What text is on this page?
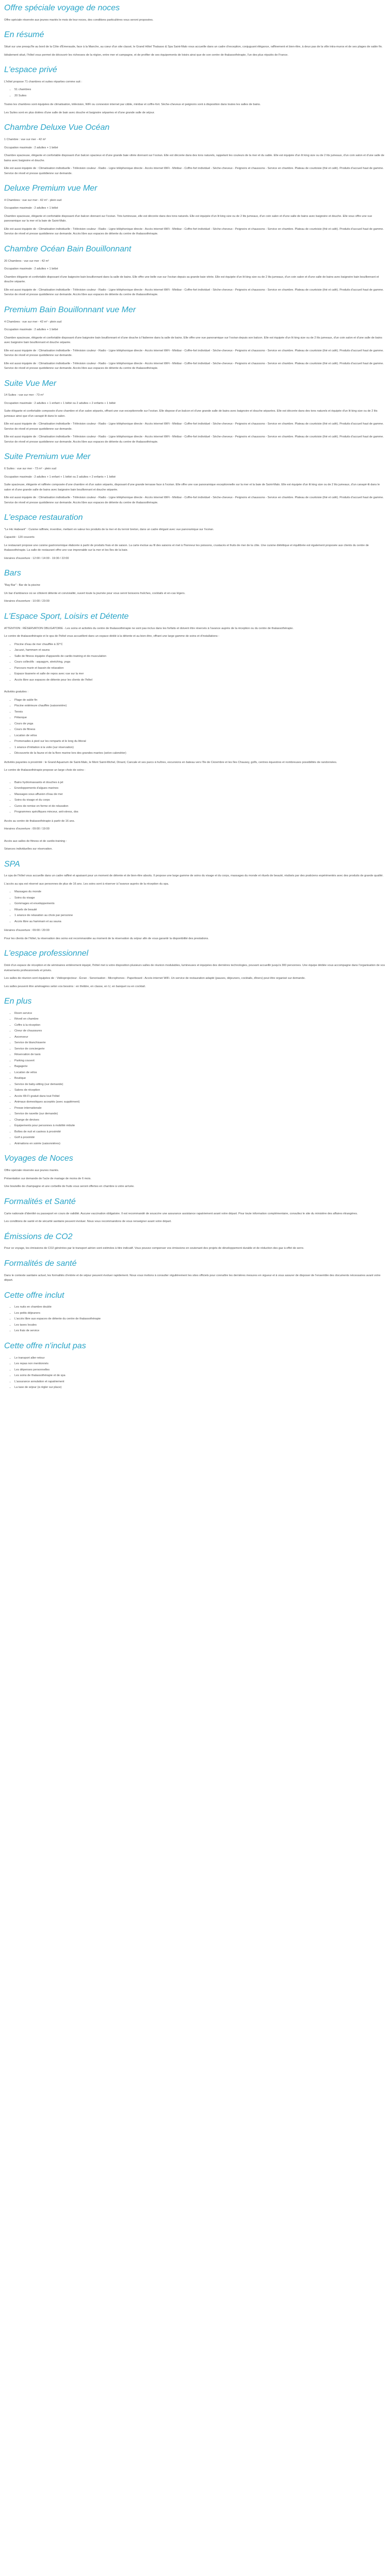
Offre spéciale voyage de noces

Offre spéciale réservée aux jeunes mariés le mois de leur noces, des conditions particulières vous seront proposées.

En résumé

Situé sur une presqu'île au bord de la Côte d'Émeraude, face à la Manche, au cœur d'un site classé, le Grand Hôtel Thalasso & Spa Saint-Malo vous accueille dans un cadre d'exception, conjuguant élégance, raffinement et bien-être, à deux pas de la ville intra-muros et de ses plages de sable fin.

Idéalement situé, l'hôtel vous permet de découvrir les richesses de la région, entre mer et campagne, et de profiter de ses équipements de loisirs ainsi que de son centre de thalassothérapie, l'un des plus réputés de France.

L'espace privé

L'hôtel propose 71 chambres et suites réparties comme suit :

• 51 chambres
• 20 Suites

Toutes les chambres sont équipées de climatisation, télévision, WiFi ou connexion internet par câble, minibar et coffre-fort. Sèche-cheveux et peignoirs sont à disposition dans toutes les salles de bains.

Les Suites sont en plus dotées d'une salle de bain avec douche et baignoire séparées et d'une grande salle de séjour.

Chambre Deluxe Vue Océan

1 Chambre : vue sur mer - 42 m²

Occupation maximale : 2 adultes + 1 bébé

Chambre spacieuse, élégante et confortable disposant d'un balcon spacieux et d'une grande baie vitrée donnant sur l'océan. Elle est décorée dans des tons naturels, rappelant les couleurs de la mer et du sable. Elle est équipée d'un lit king size ou de 2 lits jumeaux, d'un coin salon et d'une salle de bains avec baignoire et douche.

Elle est aussi équipée de : Climatisation individuelle - Télévision couleur - Radio - Ligne téléphonique directe - Accès internet WiFi - Minibar - Coffre-fort individuel - Sèche-cheveux - Peignoirs et chaussons - Service en chambre. Plateau de courtoisie (thé et café). Produits d'accueil haut de gamme. Service de réveil et presse quotidienne sur demande.

Deluxe Premium vue Mer

4 Chambres : vue sur mer - 42 m² - plein sud

Occupation maximale : 2 adultes + 1 bébé

Chambre spacieuse, élégante et confortable disposant d'un balcon donnant sur l'océan. Très lumineuse, elle est décorée dans des tons naturels. Elle est équipée d'un lit king size ou de 2 lits jumeaux, d'un coin salon et d'une salle de bains avec baignoire et douche. Elle vous offre une vue panoramique sur la mer et la baie de Saint-Malo.

Elle est aussi équipée de : Climatisation individuelle - Télévision couleur - Radio - Ligne téléphonique directe - Accès internet WiFi - Minibar - Coffre-fort individuel - Sèche-cheveux - Peignoirs et chaussons - Service en chambre. Plateau de courtoisie (thé et café). Produits d'accueil haut de gamme. Service de réveil et presse quotidienne sur demande. Accès libre aux espaces de détente du centre de thalassothérapie.

Chambre Océan Bain Bouillonnant

20 Chambres : vue sur mer - 42 m²

Occupation maximale : 2 adultes + 1 bébé

Chambre élégante et confortable disposant d'une baignoire bain bouillonnant dans la salle de bains. Elle offre une belle vue sur l'océan depuis sa grande baie vitrée. Elle est équipée d'un lit king size ou de 2 lits jumeaux, d'un coin salon et d'une salle de bains avec baignoire bain bouillonnant et douche séparée.

Elle est aussi équipée de : Climatisation individuelle - Télévision couleur - Radio - Ligne téléphonique directe - Accès internet WiFi - Minibar - Coffre-fort individuel - Sèche-cheveux - Peignoirs et chaussons - Service en chambre. Plateau de courtoisie (thé et café). Produits d'accueil haut de gamme. Service de réveil et presse quotidienne sur demande. Accès libre aux espaces de détente du centre de thalassothérapie.

Premium Bain Bouillonnant vue Mer

4 Chambres : vue sur mer - 42 m² - plein sud

Occupation maximale : 2 adultes + 1 bébé

Chambre spacieuse, élégante et confortable disposant d'une baignoire bain bouillonnant et d'une douche à l'italienne dans la salle de bains. Elle offre une vue panoramique sur l'océan depuis son balcon. Elle est équipée d'un lit king size ou de 2 lits jumeaux, d'un coin salon et d'une salle de bains avec baignoire bain bouillonnant et douche séparée.

Elle est aussi équipée de : Climatisation individuelle - Télévision couleur - Radio - Ligne téléphonique directe - Accès internet WiFi - Minibar - Coffre-fort individuel - Sèche-cheveux - Peignoirs et chaussons - Service en chambre. Plateau de courtoisie (thé et café). Produits d'accueil haut de gamme. Service de réveil et presse quotidienne sur demande.

Elle est aussi équipée de : Climatisation individuelle - Télévision couleur - Radio - Ligne téléphonique directe - Accès internet WiFi - Minibar - Coffre-fort individuel - Sèche-cheveux - Peignoirs et chaussons - Service en chambre. Plateau de courtoisie (thé et café). Produits d'accueil haut de gamme. Service de réveil et presse quotidienne sur demande. Accès libre aux espaces de détente du centre de thalassothérapie.

Suite Vue Mer

14 Suites : vue sur mer - 73 m²

Occupation maximale : 2 adultes + 1 enfant + 1 bébé ou 2 adultes + 2 enfants + 1 bébé

Suite élégante et confortable composée d'une chambre et d'un salon séparés, offrant une vue exceptionnelle sur l'océan. Elle dispose d'un balcon et d'une grande salle de bains avec baignoire et douche séparées. Elle est décorée dans des tons naturels et équipée d'un lit king size ou de 2 lits jumeaux ainsi que d'un canapé-lit dans le salon.

Elle est aussi équipée de : Climatisation individuelle - Télévision couleur - Radio - Ligne téléphonique directe - Accès internet WiFi - Minibar - Coffre-fort individuel - Sèche-cheveux - Peignoirs et chaussons - Service en chambre. Plateau de courtoisie (thé et café). Produits d'accueil haut de gamme. Service de réveil et presse quotidienne sur demande.

Elle est aussi équipée de : Climatisation individuelle - Télévision couleur - Radio - Ligne téléphonique directe - Accès internet WiFi - Minibar - Coffre-fort individuel - Sèche-cheveux - Peignoirs et chaussons - Service en chambre. Plateau de courtoisie (thé et café). Produits d'accueil haut de gamme. Service de réveil et presse quotidienne sur demande. Accès libre aux espaces de détente du centre de thalassothérapie.

Suite Premium vue Mer

6 Suites : vue sur mer - 73 m² - plein sud

Occupation maximale : 2 adultes + 1 enfant + 1 bébé ou 2 adultes + 2 enfants + 1 bébé

Suite spacieuse, élégante et raffinée composée d'une chambre et d'un salon séparés, disposant d'une grande terrasse face à l'océan. Elle offre une vue panoramique exceptionnelle sur la mer et la baie de Saint-Malo. Elle est équipée d'un lit king size ou de 2 lits jumeaux, d'un canapé-lit dans le salon et d'une grande salle de bains avec baignoire bain bouillonnant et douche séparée.

Elle est aussi équipée de : Climatisation individuelle - Télévision couleur - Radio - Ligne téléphonique directe - Accès internet WiFi - Minibar - Coffre-fort individuel - Sèche-cheveux - Peignoirs et chaussons - Service en chambre. Plateau de courtoisie (thé et café). Produits d'accueil haut de gamme. Service de réveil et presse quotidienne sur demande. Accès libre aux espaces de détente du centre de thalassothérapie.

L'espace restauration

"Le Hic Habeant" : Cuisine raffinée, inventive, mettant en valeur les produits de la mer et du terroir breton, dans un cadre élégant avec vue panoramique sur l'océan.

Capacité : 120 couverts

Le restaurant propose une cuisine gastronomique élaborée à partir de produits frais et de saison. La carte évolue au fil des saisons et met à l'honneur les poissons, crustacés et fruits de mer de la côte. Une cuisine diététique et équilibrée est également proposée aux clients du centre de thalassothérapie. La salle de restaurant offre une vue imprenable sur la mer et les îles de la baie.

Horaires d'ouverture : 12:00 / 14:00 - 19:30 / 22:00

Bars

"Bay Bar" : Bar de la piscine

Un bar d'ambiance où se côtoient détente et convivialité, ouvert toute la journée pour vous servir boissons fraîches, cocktails et en-cas légers.

Horaires d'ouverture : 10:00 / 23:00

L'Espace Sport, Loisirs et Détente

ATTENTION : RÉSERVATION OBLIGATOIRE - Les soins et activités du centre de thalassothérapie ne sont pas inclus dans les forfaits et doivent être réservés à l'avance auprès de la réception ou du centre de thalassothérapie.

Le centre de thalassothérapie et le spa de l'hôtel vous accueillent dans un espace dédié à la détente et au bien-être, offrant une large gamme de soins et d'installations :

• Piscine d'eau de mer chauffée à 32°C
• Jacuzzi, hammam et sauna
• Salle de fitness équipée d'appareils de cardio-training et de musculation
• Cours collectifs : aquagym, stretching, yoga
• Parcours marin et bassin de relaxation
• Espace tisanerie et salle de repos avec vue sur la mer
• Accès libre aux espaces de détente pour les clients de l'hôtel

Activités gratuites :

• Plage de sable fin
• Piscine extérieure chauffée (saisonnière)
• Tennis
• Pétanque
• Cours de yoga
• Cours de fitness
• Location de vélos
• Promenades à pied sur les remparts et le long du littoral
• 1 séance d'initiation à la voile (sur réservation)
• Découverte de la faune et de la flore marine lors des grandes marées (selon calendrier)

Activités payantes à proximité : le Grand Aquarium de Saint-Malo, le Mont Saint-Michel, Dinard, Cancale et ses parcs à huîtres, excursions en bateau vers l'île de Cézembre et les îles Chausey, golfs, centres équestres et nombreuses possibilités de randonnées.

Le centre de thalassothérapie propose un large choix de soins :

• Bains hydromassants et douches à jet
• Enveloppements d'algues marines
• Massages sous affusion d'eau de mer
• Soins du visage et du corps
• Cures de remise en forme et de relaxation
• Programmes spécifiques minceur, anti-stress, dos

Accès au centre de thalassothérapie à partir de 16 ans.

Horaires d'ouverture : 09:00 / 19:00

Accès aux salles de fitness et de cardio-training :

Séances individuelles sur réservation.

SPA

Le spa de l'hôtel vous accueille dans un cadre raffiné et apaisant pour un moment de détente et de bien-être absolu. Il propose une large gamme de soins du visage et du corps, massages du monde et rituels de beauté, réalisés par des praticiens expérimentés avec des produits de grande qualité.

L'accès au spa est réservé aux personnes de plus de 16 ans. Les soins sont à réserver à l'avance auprès de la réception du spa.

• Massages du monde
• Soins du visage
• Gommages et enveloppements
• Rituels de beauté
• 1 séance de relaxation au choix par personne
• Accès libre au hammam et au sauna

Horaires d'ouverture : 09:00 / 20:00

Pour les clients de l'hôtel, la réservation des soins est recommandée au moment de la réservation du séjour afin de vous garantir la disponibilité des prestations.

L'espace professionnel

Doté d'un espace de réception et de séminaires entièrement équipé, l'hôtel met à votre disposition plusieurs salles de réunion modulables, lumineuses et équipées des dernières technologies, pouvant accueillir jusqu'à 300 personnes. Une équipe dédiée vous accompagne dans l'organisation de vos événements professionnels et privés.

Les salles de réunion sont équipées de : Vidéoprojecteur - Écran - Sonorisation - Microphones - Paperboard - Accès internet WiFi. Un service de restauration adapté (pauses, déjeuners, cocktails, dîners) peut être organisé sur demande.

Les salles peuvent être aménagées selon vos besoins : en théâtre, en classe, en U, en banquet ou en cocktail.

En plus
• Room service
• Réveil en chambre
• Coffre à la réception
• Cireur de chaussures
• Ascenseur
• Service de blanchisserie
• Service de conciergerie
• Réservation de taxis
• Parking couvert
• Bagagerie
• Location de vélos
• Boutique
• Service de baby-sitting (sur demande)
• Salons de réception
• Accès Wi-Fi gratuit dans tout l'hôtel
• Animaux domestiques acceptés (avec supplément)
• Presse internationale
• Service de navette (sur demande)
• Change de devises
• Équipements pour personnes à mobilité réduite
• Boîtes de nuit et casinos à proximité
• Golf à proximité
• Animations en soirée (saisonnières)
Voyages de Noces

Offre spéciale réservée aux jeunes mariés.

Présentation sur demande de l'acte de mariage de moins de 6 mois.

Une bouteille de champagne et une corbeille de fruits vous seront offertes en chambre à votre arrivée.

Formalités et Santé

Carte nationale d'identité ou passeport en cours de validité. Aucune vaccination obligatoire. Il est recommandé de souscrire une assurance assistance rapatriement avant votre départ. Pour toute information complémentaire, consultez le site du ministère des affaires étrangères.

Les conditions de santé et de sécurité sanitaire peuvent évoluer. Nous vous recommandons de vous renseigner avant votre départ.

Émissions de CO2

Pour ce voyage, les émissions de CO2 générées par le transport aérien sont estimées à titre indicatif. Vous pouvez compenser vos émissions en soutenant des projets de développement durable et de réduction des gaz à effet de serre.

Formalités de santé

Dans le contexte sanitaire actuel, les formalités d'entrée et de séjour peuvent évoluer rapidement. Nous vous invitons à consulter régulièrement les sites officiels pour connaître les dernières mesures en vigueur et à vous assurer de disposer de l'ensemble des documents nécessaires avant votre départ.

Cette offre inclut
• Les nuits en chambre double
• Les petits déjeuners
• L'accès libre aux espaces de détente du centre de thalassothérapie
• Les taxes locales
• Les frais de service
Cette offre n'inclut pas
• Le transport aller-retour
• Les repas non mentionnés
• Les dépenses personnelles
• Les soins de thalassothérapie et de spa
• L'assurance annulation et rapatriement
• La taxe de séjour (à régler sur place)
